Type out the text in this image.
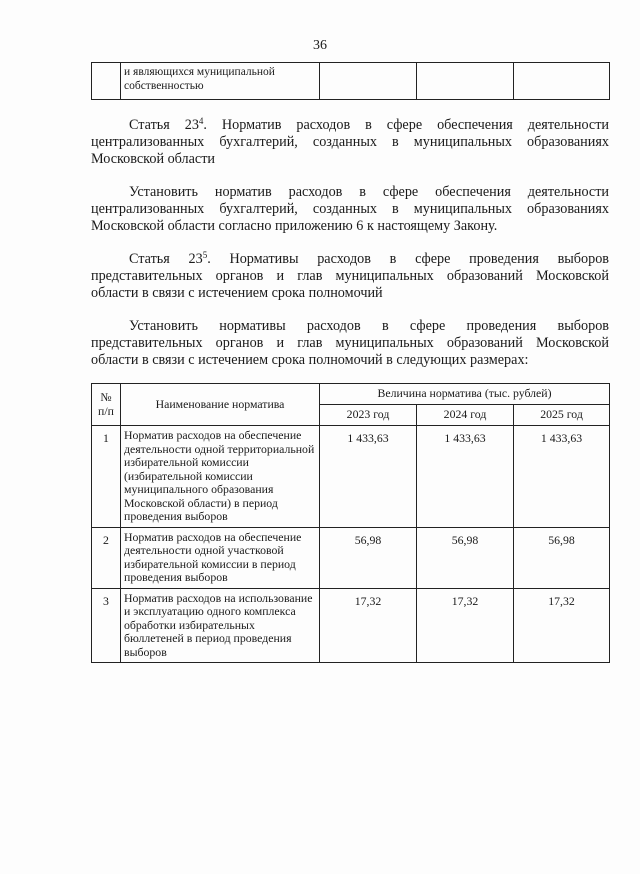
36
	и являющихся муниципальной собственностью			
Статья $23^4$. Норматив расходов в сфере обеспечения деятельности
централизованных бухгалтерий, созданных в муниципальных образованиях
Московской области
Установить норматив расходов в сфере обеспечения деятельности
централизованных бухгалтерий, созданных в муниципальных образованиях
Московской области согласно приложению 6 к настоящему Закону.
Статья $23^5$. Нормативы расходов в сфере проведения выборов
представительных органов и глав муниципальных образований Московской
области в связи с истечением срока полномочий
Установить нормативы расходов в сфере проведения выборов
представительных органов и глав муниципальных образований Московской
области в связи с истечением срока полномочий в следующих размерах:
№ п/п	Наименование норматива	Величина норматива (тыс. рублей)		
		2023 год	2024 год	2025 год
1	Норматив расходов на обеспечение деятельности одной территориальной избирательной комиссии (избирательной комиссии муниципального образования Московской области) в период проведения выборов	1 433,63	1 433,63	1 433,63
2	Норматив расходов на обеспечение деятельности одной участковой избирательной комиссии в период проведения выборов	56,98	56,98	56,98
3	Норматив расходов на использование и эксплуатацию одного комплекса обработки избирательных бюллетеней в период проведения выборов	17,32	17,32	17,32
